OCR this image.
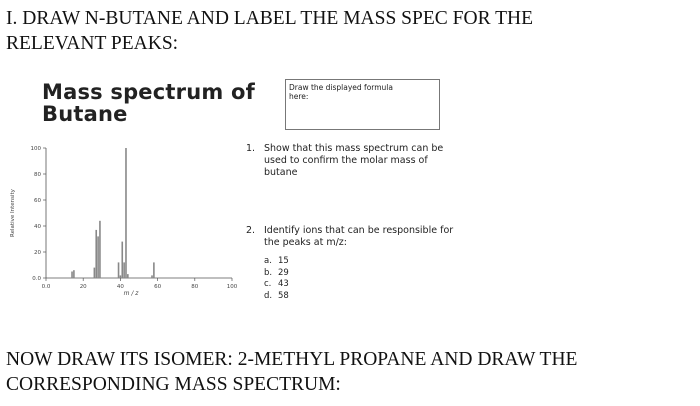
I. DRAW N-BUTANE AND LABEL THE MASS SPEC FOR THE
RELEVANT PEAKS:
Mass spectrum of
Butane
Draw the displayed formula here:
1. Show that this mass spectrum can be used to confirm the molar mass of butane
2. Identify ions that can be responsible for the peaks at m/z:
a. 15
b. 29
c. 43
d. 58
0.0
20
40
60
80
100
0.0	20	40	60	80	100
m / z
Relative Intensity
NOW DRAW ITS ISOMER: 2-METHYL PROPANE AND DRAW THE
CORRESPONDING MASS SPECTRUM:
